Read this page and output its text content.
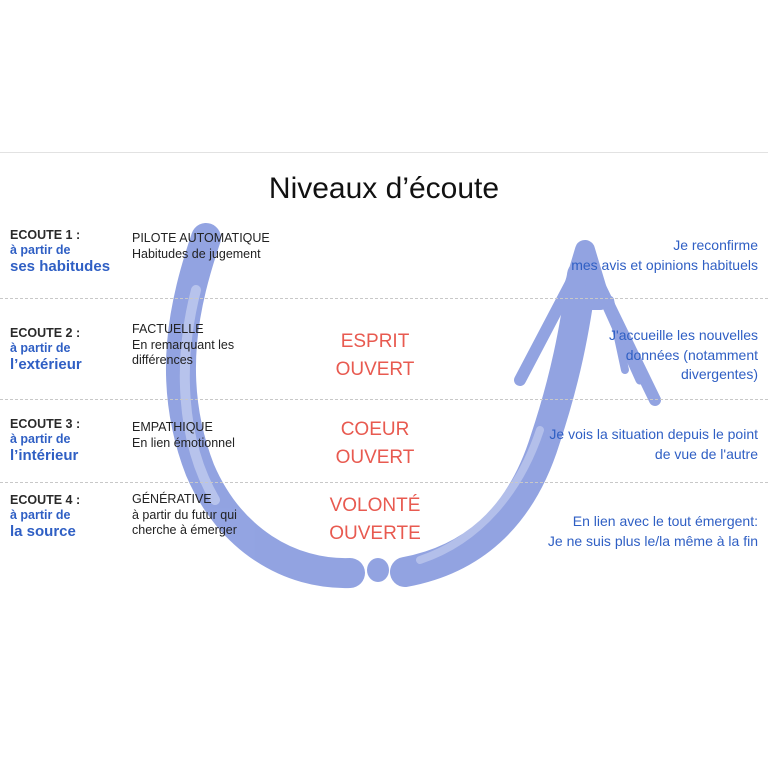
Niveaux d’écoute
ECOUTE 1 :
à partir de
ses habitudes
PILOTE AUTOMATIQUE
Habitudes de jugement
Je reconfirme
mes avis et opinions habituels
ECOUTE 2 :
à partir de
l’extérieur
FACTUELLE
En remarquant les
différences
ESPRIT
OUVERT
J'accueille les nouvelles
données (notamment
divergentes)
ECOUTE 3 :
à partir de
l’intérieur
EMPATHIQUE
En lien émotionnel
COEUR
OUVERT
Je vois la situation depuis le point
de vue de l'autre
ECOUTE 4 :
à partir de
la source
GÉNÉRATIVE
à partir du futur qui
cherche à émerger
VOLONTÉ
OUVERTE
En lien avec le tout émergent:
Je ne suis plus le/la même à la fin
